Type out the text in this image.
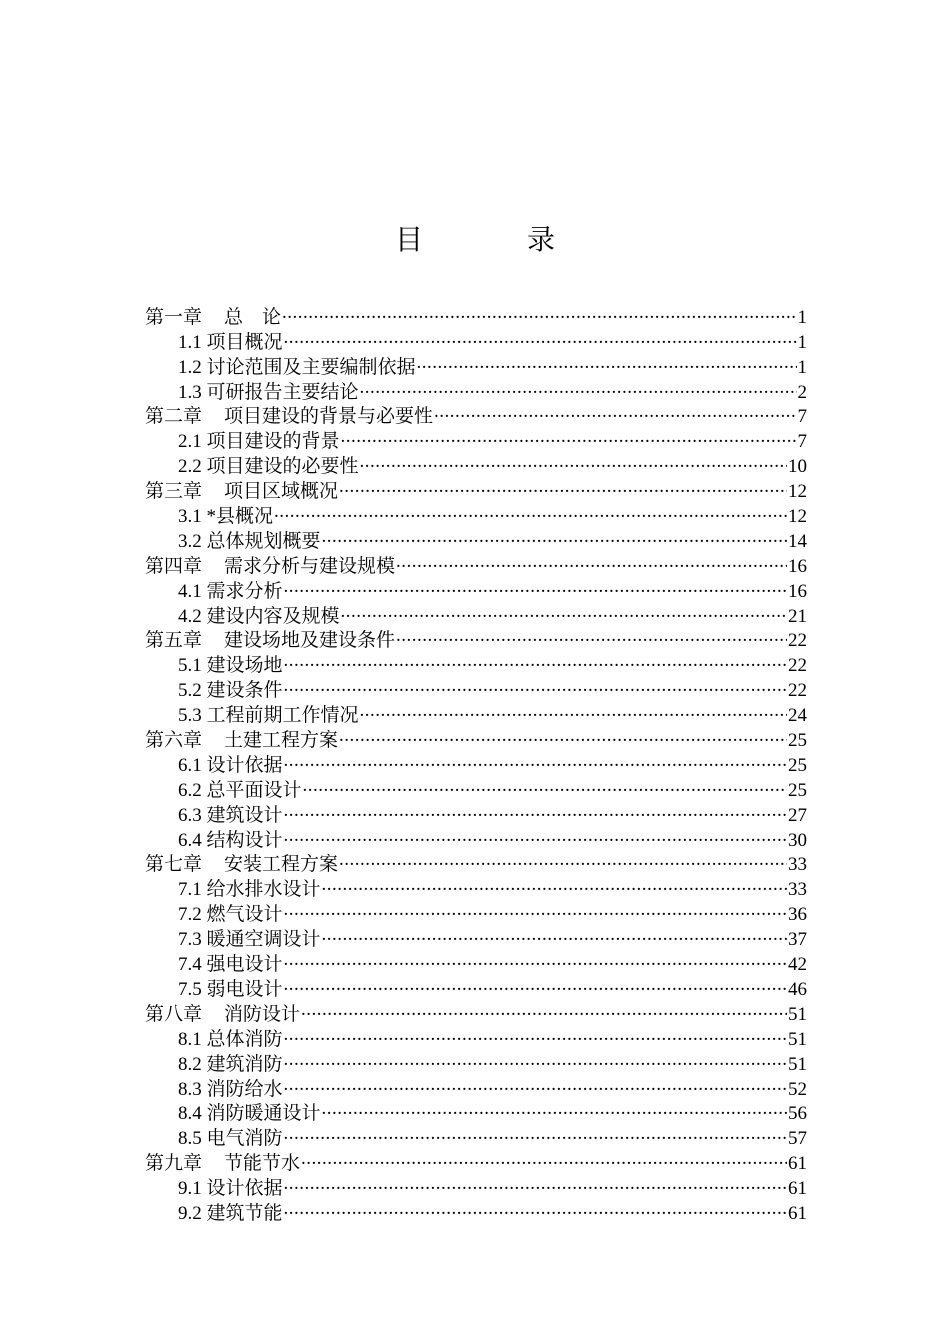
目　录
第一章 总　论 .....	1
1.1 项目概况 .....	1
1.2 讨论范围及主要编制依据 .....	1
1.3 可研报告主要结论 .....	2
第二章 项目建设的背景与必要性 .....	7
2.1 项目建设的背景 .....	7
2.2 项目建设的必要性 .....	10
第三章 项目区域概况 .....	12
3.1 *县概况 .....	12
3.2 总体规划概要 .....	14
第四章 需求分析与建设规模 .....	16
4.1 需求分析 .....	16
4.2 建设内容及规模 .....	21
第五章 建设场地及建设条件 .....	22
5.1 建设场地 .....	22
5.2 建设条件 .....	22
5.3 工程前期工作情况 .....	24
第六章 土建工程方案 .....	25
6.1 设计依据 .....	25
6.2 总平面设计 .....	25
6.3 建筑设计 .....	27
6.4 结构设计 .....	30
第七章 安装工程方案 .....	33
7.1 给水排水设计 .....	33
7.2 燃气设计 .....	36
7.3 暖通空调设计 .....	37
7.4 强电设计 .....	42
7.5 弱电设计 .....	46
第八章 消防设计 .....	51
8.1 总体消防 .....	51
8.2 建筑消防 .....	51
8.3 消防给水 .....	52
8.4 消防暖通设计 .....	56
8.5 电气消防 .....	57
第九章 节能节水 .....	61
9.1 设计依据 .....	61
9.2 建筑节能 .....	61
